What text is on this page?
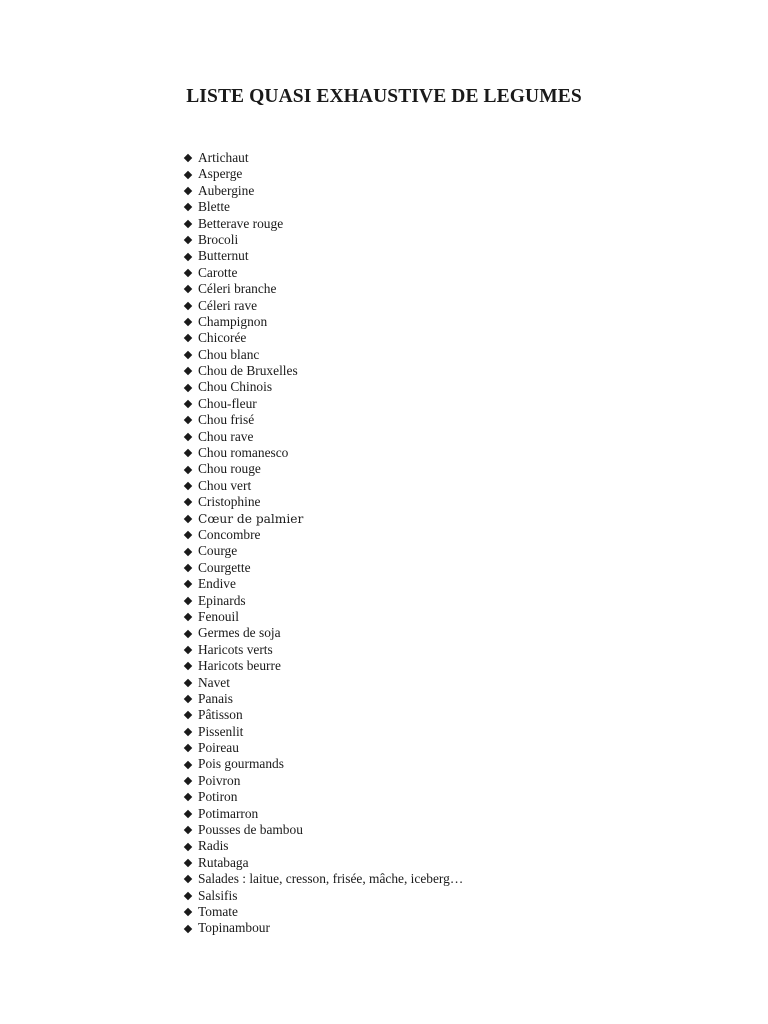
LISTE QUASI EXHAUSTIVE DE LEGUMES
Artichaut
Asperge
Aubergine
Blette
Betterave rouge
Brocoli
Butternut
Carotte
Céleri branche
Céleri rave
Champignon
Chicorée
Chou blanc
Chou de Bruxelles
Chou Chinois
Chou-fleur
Chou frisé
Chou rave
Chou romanesco
Chou rouge
Chou vert
Cristophine
Cœur de palmier
Concombre
Courge
Courgette
Endive
Epinards
Fenouil
Germes de soja
Haricots verts
Haricots beurre
Navet
Panais
Pâtisson
Pissenlit
Poireau
Pois gourmands
Poivron
Potiron
Potimarron
Pousses de bambou
Radis
Rutabaga
Salades : laitue, cresson, frisée, mâche, iceberg…
Salsifis
Tomate
Topinambour
